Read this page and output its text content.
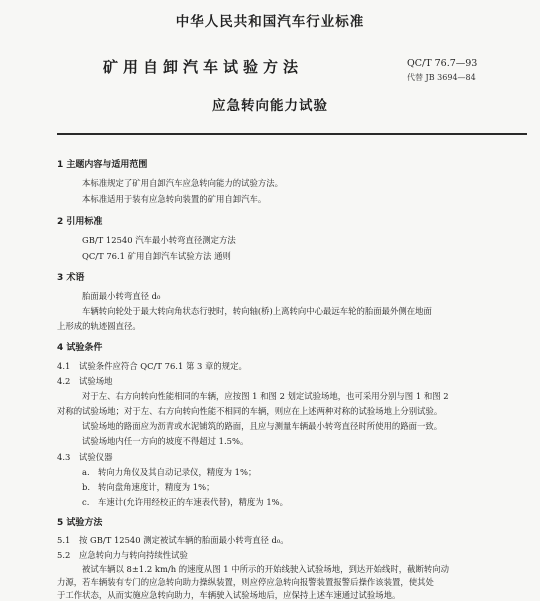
中华人民共和国汽车行业标准
矿用自卸汽车试验方法	QC/T 76.7—93
代替 JB 3694—84
应急转向能力试验
1 主题内容与适用范围
本标准规定了矿用自卸汽车应急转向能力的试验方法。
本标准适用于装有应急转向装置的矿用自卸汽车。
2 引用标准
GB/T 12540 汽车最小转弯直径测定方法
QC/T 76.1 矿用自卸汽车试验方法 通则
3 术语
胎面最小转弯直径 d₀
车辆转向轮处于最大转向角状态行驶时，转向轴(桥)上离转向中心最远车轮的胎面最外侧在地面
上形成的轨迹圆直径。
4 试验条件
4.1 试验条件应符合 QC/T 76.1 第 3 章的规定。
4.2 试验场地
对于左、右方向转向性能相同的车辆，应按图 1 和图 2 划定试验场地，也可采用分别与图 1 和图 2
对称的试验场地；对于左、右方向转向性能不相同的车辆，则应在上述两种对称的试验场地上分别试验。
试验场地的路面应为沥青或水泥铺筑的路面，且应与测量车辆最小转弯直径时所使用的路面一致。
试验场地内任一方向的坡度不得超过 1.5%。
4.3 试验仪器
a. 转向力角仪及其自动记录仪，精度为 1%；
b. 转向盘角速度计，精度为 1%；
c. 车速计(允许用经校正的车速表代替)，精度为 1%。
5 试验方法
5.1 按 GB/T 12540 测定被试车辆的胎面最小转弯直径 d₀。
5.2 应急转向力与转向持续性试验
被试车辆以 8±1.2 km/h 的速度从图 1 中所示的开始线驶入试验场地，到达开始线时，截断转向动
力源，若车辆装有专门的应急转向助力操纵装置，则应停应急转向报警装置报警后操作该装置，使其处
于工作状态，从而实施应急转向助力，车辆驶入试验场地后，应保持上述车速通过试验场地。
